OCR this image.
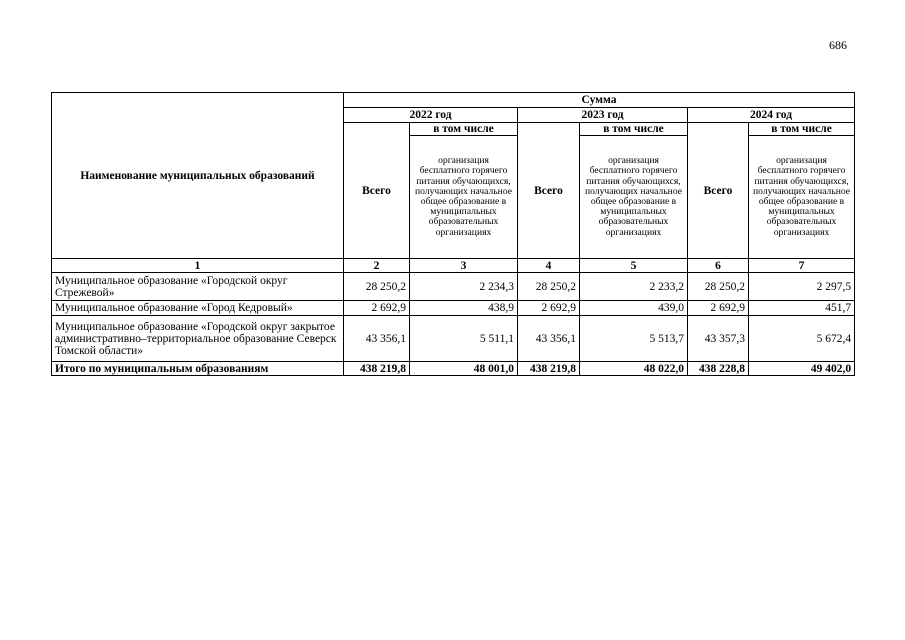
686
Наименование муниципальных образований	Сумма					
	2022 год		2023 год		2024 год	
	Всего	в том числе	Всего	в том числе	Всего	в том числе
		организация бесплатного горячего питания обучающихся, получающих начальное общее образование в муниципальных образовательных организациях		организация бесплатного горячего питания обучающихся, получающих начальное общее образование в муниципальных образовательных организациях		организация бесплатного горячего питания обучающихся, получающих начальное общее образование в муниципальных образовательных организациях
1	2	3	4	5	6	7
Муниципальное образование «Городской округ Стрежевой»	28 250,2	2 234,3	28 250,2	2 233,2	28 250,2	2 297,5
Муниципальное образование «Город Кедровый»	2 692,9	438,9	2 692,9	439,0	2 692,9	451,7
Муниципальное образование «Городской округ закрытое административно–территориальное образование Северск Томской области»	43 356,1	5 511,1	43 356,1	5 513,7	43 357,3	5 672,4
Итого по муниципальным образованиям	438 219,8	48 001,0	438 219,8	48 022,0	438 228,8	49 402,0
